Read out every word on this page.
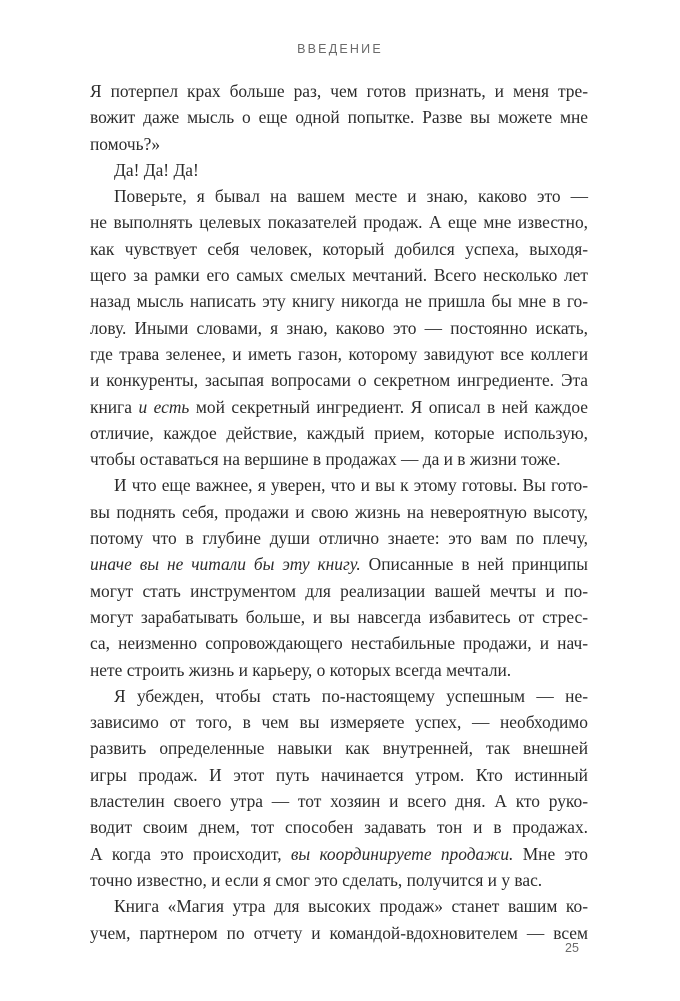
ВВЕДЕНИЕ
Я потерпел крах больше раз, чем готов признать, и меня тре-
вожит даже мысль о еще одной попытке. Разве вы можете мне
помочь?»
Да! Да! Да!
Поверьте, я бывал на вашем месте и знаю, каково это —
не выполнять целевых показателей продаж. А еще мне известно,
как чувствует себя человек, который добился успеха, выходя-
щего за рамки его самых смелых мечтаний. Всего несколько лет
назад мысль написать эту книгу никогда не пришла бы мне в го-
лову. Иными словами, я знаю, каково это — постоянно искать,
где трава зеленее, и иметь газон, которому завидуют все коллеги
и конкуренты, засыпая вопросами о секретном ингредиенте. Эта
книга и есть мой секретный ингредиент. Я описал в ней каждое
отличие, каждое действие, каждый прием, которые использую,
чтобы оставаться на вершине в продажах — да и в жизни тоже.
И что еще важнее, я уверен, что и вы к этому готовы. Вы гото-
вы поднять себя, продажи и свою жизнь на невероятную высоту,
потому что в глубине души отлично знаете: это вам по плечу,
иначе вы не читали бы эту книгу. Описанные в ней принципы
могут стать инструментом для реализации вашей мечты и по-
могут зарабатывать больше, и вы навсегда избавитесь от стрес-
са, неизменно сопровождающего нестабильные продажи, и нач-
нете строить жизнь и карьеру, о которых всегда мечтали.
Я убежден, чтобы стать по-настоящему успешным — не-
зависимо от того, в чем вы измеряете успех, — необходимо
развить определенные навыки как внутренней, так внешней
игры продаж. И этот путь начинается утром. Кто истинный
властелин своего утра — тот хозяин и всего дня. А кто руко-
водит своим днем, тот способен задавать тон и в продажах.
А когда это происходит, вы координируете продажи. Мне это
точно известно, и если я смог это сделать, получится и у вас.
Книга «Магия утра для высоких продаж» станет вашим ко-
учем, партнером по отчету и командой-вдохновителем — всем
25
